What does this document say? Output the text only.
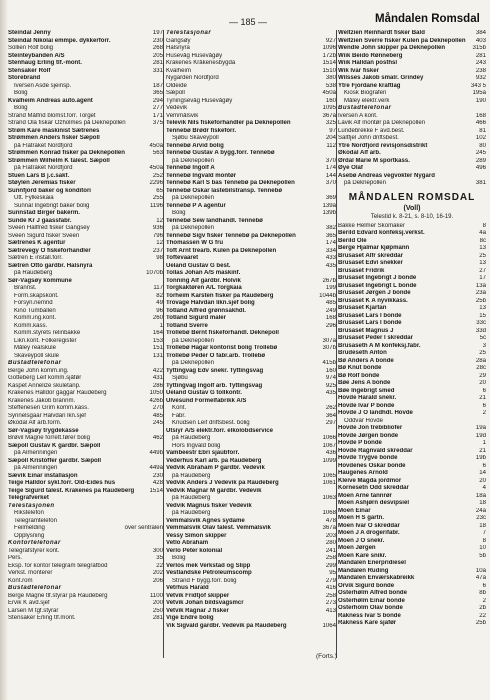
— 185 —	Måndalen Romsdal
Steindal Jenny	197
Steindal Nikolai emmpe. dykkerforr.	230
Sollien Rolf bolig	268
Steinteybanden A/S	205
Stenhaug Erling tlf.-mont.	281
Stensaker Rolf	331
Storebrand
Iversen Asde sjeinsp.	187
Bolig	365
Kvalheim Andreas auto.agent	294
Bolig	277
Strand Målfrid blomst.forr. Torget	171
Strand Ola fiskar Ozholmes på Deknepollen	375
Strøm Kåre maskinist Sætrenes
Strømmen Anders fisker Sæpoll
på Flatraket Nordfjord	450a
Strømmen Konrad fisker på Deknepollen	563
Strømmen Wilhelm K talest. Sæpoll
på Flatraket Nordfjord	450a
Stuen Lars B j.c.sakf.	252
Støylen Jeremias fisker	2296
Sunnfjord baker og konditori	65
Utt. Fylkeskaia	255
Sunnal Ingebrigt baker bolig	1196
Sunnstad Birger bakerm.
Sunde Kr J gaassfabr.	12
Sveen Hallfred fisker Gangsey	936
Sveen Sigurd fisker Sveen	796
Sætrenes K agentur	12
Sætrevegy O fiskeforhandler	237
Sætren E install.forr.	98
Sætren Otto gardbr. Halsnyra
på Raudeberg	1070b
Sør-Vågsøy kommune
Brannst.	117
Form.skapskont.	82
Forsyn.nemnd	49
Kino Tumballen	96
Komm.ing.kont.	260
Komm.kass.	1
Komm.styrets relinbakke	164
Likn.kont. Folkeregister	153
Måley realskule	151
Skaveypoll skule	131
Bustadtelefonar
Berge John komm.ing.	422
Gotteberg Leif komm.sjåfør	431
Kaspet Annelize skuletanp.	286
Krakenes Halldor gaggar Raudeberg	1050
Krakenes Jakob brannm.	426b
Steffenesen Grim komm.kass.	270
Synnelsgaar Halvdan lkn.sjef	485
Økodal Alf arb.form.	245
Sør-Vågsøy trygdekasse
Brøvil Magne forrett.fører bolig	462
Sæpoll Gustav K gardbr. Sæpoll
på Almenningen	449b
Sæpoll Kristoffer gardbr. Sæpoll
på Almenningen	449a
Sævik Einar installasjon	230
Teige Halldor sykl.forr. Old-Eides hus	428
Teige Sigurd talest. Krakenes på Raudeberg	1514
Telegrafverket
Telestasjonen
Rikstelefon
Telegramtelefon
Feilmelding	over sentralen
Opplysning
Kontortelefonar
Telegrafstyrer kont.	300
Pers.	35
Eksp. for kontor telegram telegrafbod	22
Verkst. monterer	202
Kont.rom	206
Bustadtelefonar
Berge Magne tlf.styrar på Raudeberg	1100
Ervik K avd.sjef	200
Larsen M tgf.styrar	250
Stensaker Erling tlf.mont.	281
Telestasjonar
Gangsøy	927
Halsnyra	1096
Husevåg Husevågøy	172b
Krakenes Kråkenesbygda	1514
Kvalheim	1510
Nygarden Nordfjord	380
Oldeide	538
Sæpoll	450a
Tyningsevåg Husevågøy	160
Vedevik	1095
Vemmålsvik	367a
Televik Nils fiskeforhandler på Deknepollen	325
Tennebø Brødr fiskeforr.	97
Sjøbu Skaveypoll	204
Tennebø Arvid bolig	112
Tennebø Gustav A bygg.forr. Tennebø
på Deknepollen	370
Tennebø Ingolf A	174
Tennebø Ingvald montør	144
Tennebø Karl S bas Tennebø på Deknepollen	370
Tennebø Oskar lastebilstransp. Tennebø
på Deknepollen	369
Tennebø P A agentur	139a
Bolig	139b
Tennebø Sew landhandl. Tennebø
på Deknepollen	382
Tennebø Sigv fisker Tennebø på Deknepollen	365
Thomassen W G fru	174
Toft Arnt trearb. Kulen på Deknepollen	334
Toftevaaret	433
Ueland Gustav G best.	435
Tollås Johan A/S maskinf.
Tonning Alf gardbr. Holvik	267b
Torgkaktøren A/L Torgkaia	199
Torheim Karsten fisker på Raudeberg	1044b
Trovåge Halvdan likn.sjef bolig	485
Totland Alfred grønnsakhdl.	249
Totland Sigurd maler	168
Totland Sverre	296
Trollebø Bernt fiskeforhandl. Deknepoll
på Deknepollen	307a
Trollebø Hagar kontorist bolig Trollebø	307b
Trollebø Peder O fabr.arb. Trollebø
på Deknepollen	415b
Tyttingvåg Edv snekr. Tyttingsvåg	160
Sjøbu	974
Tyttingvåg Ingolf arb. Tyttingsvåg	925
Ueland Gustav G tollkontr.	435
Ulvesund Formelfabrikk A/S
Kont.	262
Fabr.	364
Knudsen Leif driftsbest. bolig	297
Utsiyr A/S elektr.forr. elkolobdservice
på Raudeberg	1066
Hors Ingvald bolig	1067
Vambeestr Ebri sjaubforr.	436
Vederhus Karl arb. på Raudeberg	1099
Vedvik Abraham P gardbr. Vedevik
på Raudeberg	1065
Vedvik Anders J Vedevik på Raudeberg	1061
Vedvik Magnar M gardbr. Vedevik
på Raudeberg	1063
Vedvik Magnus fisker Vedevik
på Raudeberg	1068
Vemmålsvik Agnes sydame	478
Vemmålsvik Olav talest. Vemmålsvik	367a
Vessy Simon skipper	203
Vetlo Abraham	280
Verlo Peter kolonial	241
Bolig	258
Verlos mek Verkstad og Slipp	299
Vestlandske Petroleumscomp	95
Strand F bygg.forr. bolig	279
Vetrhus Harald	416
Vetvik Fridtjof skipper	258
Vetvik Johan bildsvagsmcr	273
Vetvik Ragnar J fisker	413
Vige Endre bolig
Vik Sigvald gardbr. Vedevik på Raudeberg	1064
Weltzien Reinhardt fisker Båld	384
Weltzien Sverre fisker Kulen på Deknepollen	403
Wendle John skipper på Deknepollen	315b
Wiik Beido Rønneberg	281
Wiik Halldan posthsl	243
Wik Ivar fisker	238
Wilsses Jakob smålr. Grindey	932
Ytre Fjordane kraftlag	343 5
Kiosk Biografen	195a
Måley elektr.verk	190
Bustadtelefonar
Iversen A kont.	168
Lavik Alf montør på Deknepollen	466
Lundebrekke F avd.best.	81
Saltfjel John driftsbest.	102
Ytre Nordfjord revisjonsdistrikt	80
Økodal Alf arb.	245
Ørdal Marie M sportkass.	289
Øye Olaf	496
Åsebø Andreas vegvokter Nygård
på Deknepollen	381
MÅNDALEN ROMSDAL
(Voll)
Telestid k. 8-21, s. 8-10, 16-19.
Bakke Helmer Skomaker	8
Berild Edvard konfeksj.verkst.	4a
Berild Ole	8c
Berge Hjalmar kjøpmann	13
Brusaset Alfr skreddar	25
Brusaset Edvi snekker	13
Brusaset Fridrik	27
Brusaset Ingebrigt J bonde	17
Brusaset Ingebrigt L bonde	13a
Brusaset Jørgen J bonde	23a
Brusaset K A nyvikkass.	25b
Brusaset Kjartan	13
Brusaset Lars I bonde	15
Brusaset Lars I bonde	33c
Brusaset Magnus J	33d
Brusaset Peder I skreddar	5c
Brusaseth A M konfeksj.fabr.	3
Brudeseth Anton	25
Bø Anders A bonde	28a
Bø Knut bonde	28c
Bø Rolf bonde	29
Bøe Jens A bonde	20
Bøe Ingebrigt smed	6
Hovde Harald snekr.	21
Hovde Ivar P bonde	6
Hovde J O landhdl. Hovde	2
Oddvar Hovde
Hovde Jon trebibliofer	19a
Hovde Jørgen bonde	19d
Hovde P bonde	1
Hovde Ragnvald skreddar	21
Hovde Trygve bonde	19b
Hovdenes Oskar bonde	6
Haugenes Arnold	14
Kleive Magda jordmor	20
Kornesetn Odd skreddar	4
Moen Arne tannrør	18a
Moen Ashjørn desvipsiel	18
Moen Einar	24a
Moen H S gartn.	23c
Moen Ivar O skreddar	18
Moen J A drogerifabr.	7
Moen J O snekr.	8
Moen Jørgen	10
Moen Kåre snikr.	5b
Måndalen Enerpridiesel
Måndalen Ruding	10a
Måndalen Enværskabreikk	47a
Orvik Sigurd bonde	6
Osterhølm Alfred bonde	8b
Osterhølm Einar bonde	2
Osterholm Olav bonde	2b
Rakness Ivar S bonde	22
Rakness Kåre sjåfør	25b
(Forts.)
